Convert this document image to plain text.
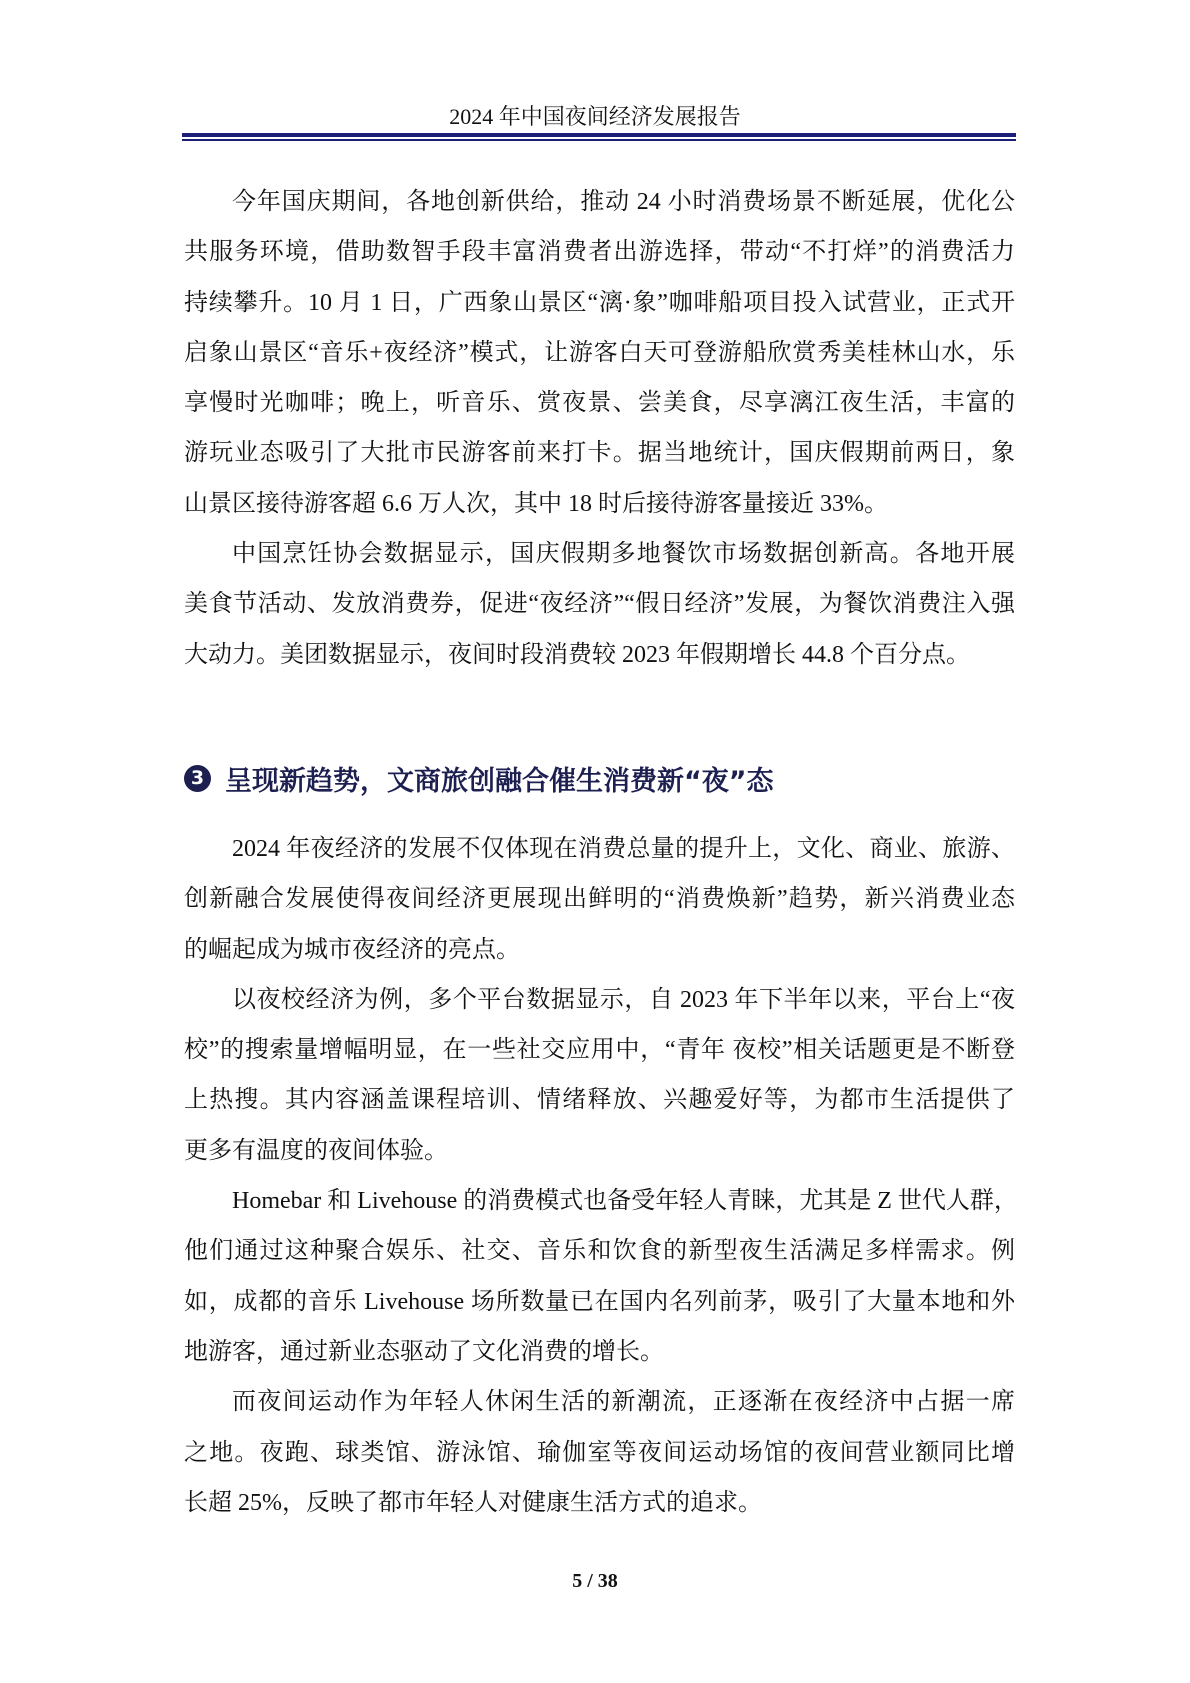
2024 年中国夜间经济发展报告
今年国庆期间，各地创新供给，推动 24 小时消费场景不断延展，优化公
共服务环境，借助数智手段丰富消费者出游选择，带动“不打烊”的消费活力
持续攀升。10 月 1 日，广西象山景区“漓·象”咖啡船项目投入试营业，正式开
启象山景区“音乐+夜经济”模式，让游客白天可登游船欣赏秀美桂林山水，乐
享慢时光咖啡；晚上，听音乐、赏夜景、尝美食，尽享漓江夜生活，丰富的
游玩业态吸引了大批市民游客前来打卡。据当地统计，国庆假期前两日，象
山景区接待游客超 6.6 万人次，其中 18 时后接待游客量接近 33%。
中国烹饪协会数据显示，国庆假期多地餐饮市场数据创新高。各地开展
美食节活动、发放消费券，促进“夜经济”“假日经济”发展，为餐饮消费注入强
大动力。美团数据显示，夜间时段消费较 2023 年假期增长 44.8 个百分点。
3 呈现新趋势，文商旅创融合催生消费新“夜”态
2024 年夜经济的发展不仅体现在消费总量的提升上，文化、商业、旅游、
创新融合发展使得夜间经济更展现出鲜明的“消费焕新”趋势，新兴消费业态
的崛起成为城市夜经济的亮点。
以夜校经济为例，多个平台数据显示，自 2023 年下半年以来，平台上“夜
校”的搜索量增幅明显，在一些社交应用中，“青年 夜校”相关话题更是不断登
上热搜。其内容涵盖课程培训、情绪释放、兴趣爱好等，为都市生活提供了
更多有温度的夜间体验。
Homebar 和 Livehouse 的消费模式也备受年轻人青睐，尤其是 Z 世代人群，
他们通过这种聚合娱乐、社交、音乐和饮食的新型夜生活满足多样需求。例
如，成都的音乐 Livehouse 场所数量已在国内名列前茅，吸引了大量本地和外
地游客，通过新业态驱动了文化消费的增长。
而夜间运动作为年轻人休闲生活的新潮流，正逐渐在夜经济中占据一席
之地。夜跑、球类馆、游泳馆、瑜伽室等夜间运动场馆的夜间营业额同比增
长超 25%，反映了都市年轻人对健康生活方式的追求。
5 / 38
